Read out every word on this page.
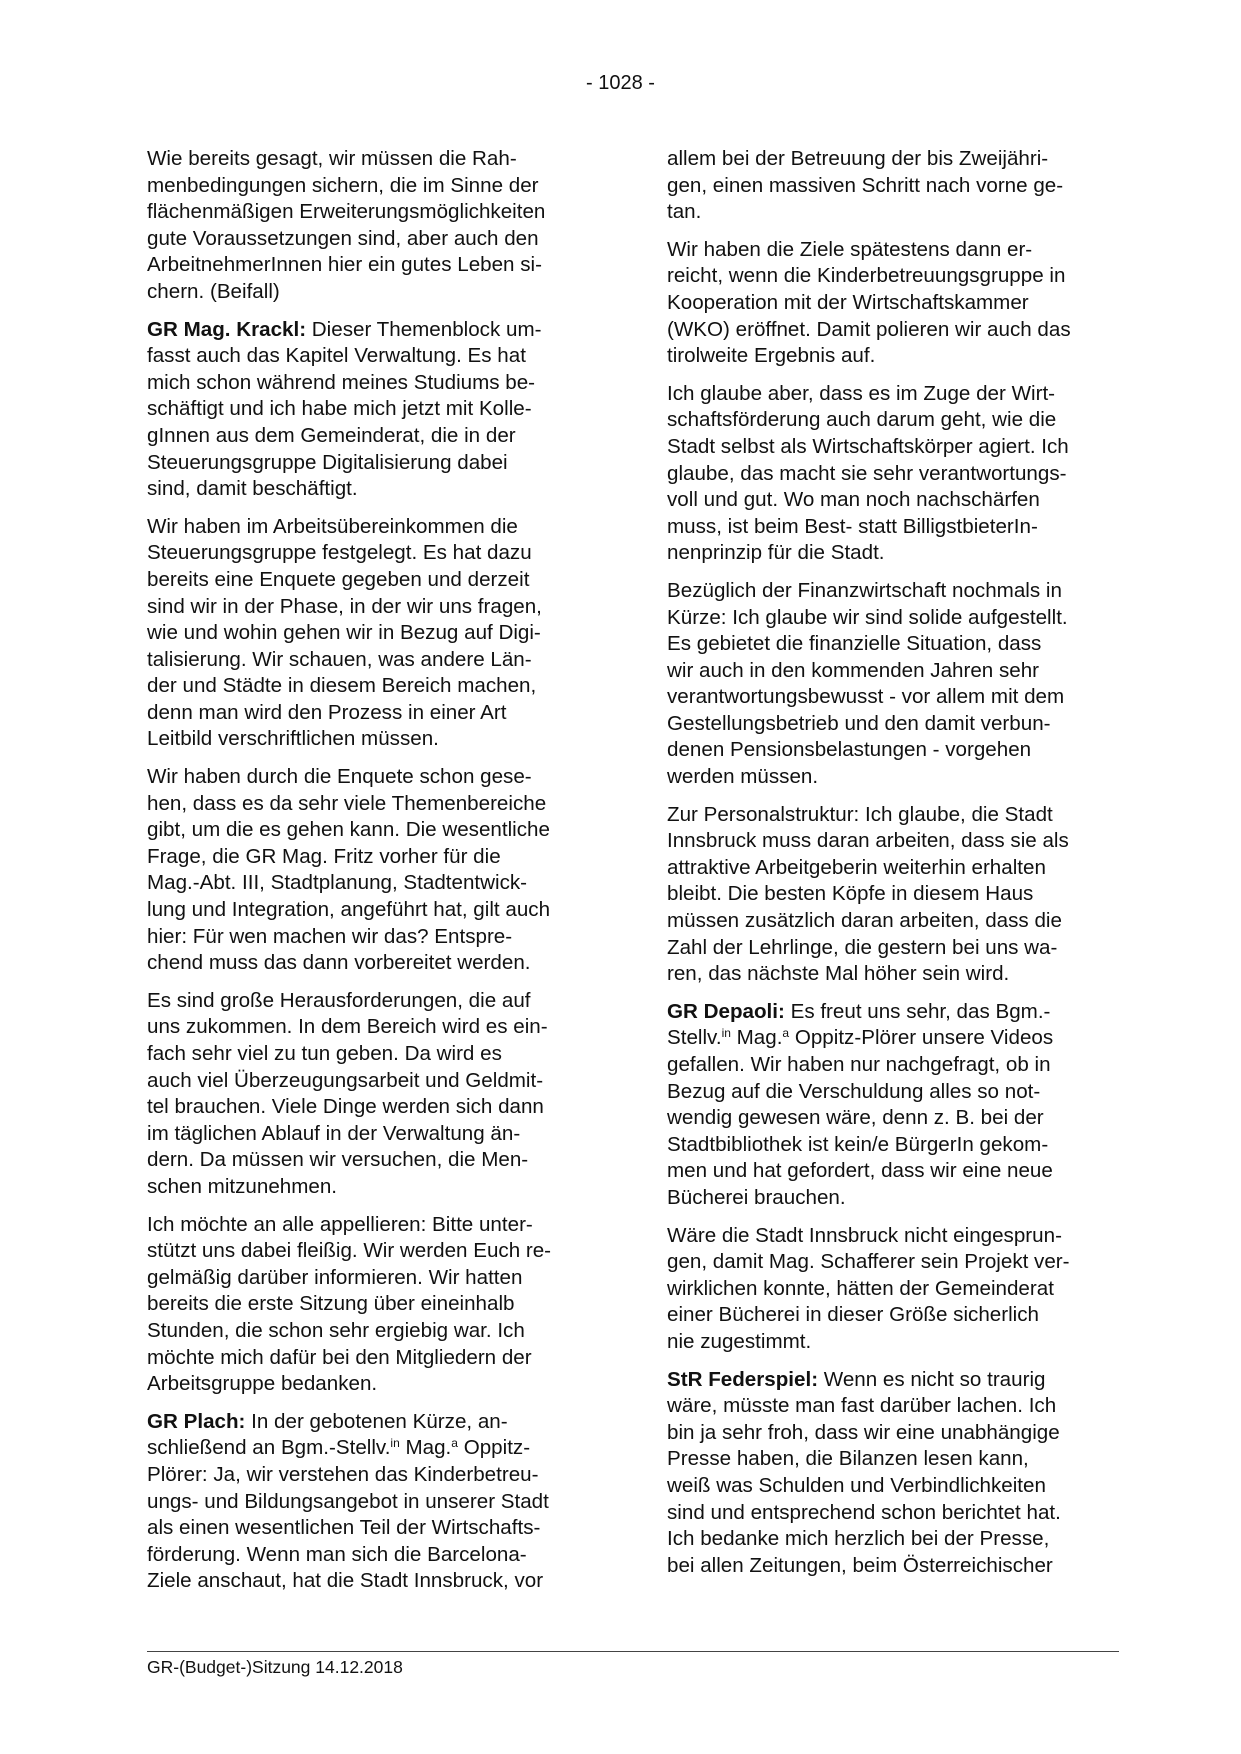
- 1028 -

Wie bereits gesagt, wir müssen die Rah-
menbedingungen sichern, die im Sinne der
flächenmäßigen Erweiterungsmöglichkeiten
gute Voraussetzungen sind, aber auch den
ArbeitnehmerInnen hier ein gutes Leben si-
chern. (Beifall)

GR Mag. Krackl: Dieser Themenblock um-
fasst auch das Kapitel Verwaltung. Es hat
mich schon während meines Studiums be-
schäftigt und ich habe mich jetzt mit Kolle-
gInnen aus dem Gemeinderat, die in der
Steuerungsgruppe Digitalisierung dabei
sind, damit beschäftigt.

Wir haben im Arbeitsübereinkommen die
Steuerungsgruppe festgelegt. Es hat dazu
bereits eine Enquete gegeben und derzeit
sind wir in der Phase, in der wir uns fragen,
wie und wohin gehen wir in Bezug auf Digi-
talisierung. Wir schauen, was andere Län-
der und Städte in diesem Bereich machen,
denn man wird den Prozess in einer Art
Leitbild verschriftlichen müssen.

Wir haben durch die Enquete schon gese-
hen, dass es da sehr viele Themenbereiche
gibt, um die es gehen kann. Die wesentliche
Frage, die GR Mag. Fritz vorher für die
Mag.-Abt. III, Stadtplanung, Stadtentwick-
lung und Integration, angeführt hat, gilt auch
hier: Für wen machen wir das? Entspre-
chend muss das dann vorbereitet werden.

Es sind große Herausforderungen, die auf
uns zukommen. In dem Bereich wird es ein-
fach sehr viel zu tun geben. Da wird es
auch viel Überzeugungsarbeit und Geldmit-
tel brauchen. Viele Dinge werden sich dann
im täglichen Ablauf in der Verwaltung än-
dern. Da müssen wir versuchen, die Men-
schen mitzunehmen.

Ich möchte an alle appellieren: Bitte unter-
stützt uns dabei fleißig. Wir werden Euch re-
gelmäßig darüber informieren. Wir hatten
bereits die erste Sitzung über eineinhalb
Stunden, die schon sehr ergiebig war. Ich
möchte mich dafür bei den Mitgliedern der
Arbeitsgruppe bedanken.

GR Plach: In der gebotenen Kürze, an-
schließend an Bgm.-Stellv.$^{in}$ Mag.$^a$ Oppitz-
Plörer: Ja, wir verstehen das Kinderbetreu-
ungs- und Bildungsangebot in unserer Stadt
als einen wesentlichen Teil der Wirtschafts-
förderung. Wenn man sich die Barcelona-
Ziele anschaut, hat die Stadt Innsbruck, vor

allem bei der Betreuung der bis Zweijähri-
gen, einen massiven Schritt nach vorne ge-
tan.

Wir haben die Ziele spätestens dann er-
reicht, wenn die Kinderbetreuungsgruppe in
Kooperation mit der Wirtschaftskammer
(WKO) eröffnet. Damit polieren wir auch das
tirolweite Ergebnis auf.

Ich glaube aber, dass es im Zuge der Wirt-
schaftsförderung auch darum geht, wie die
Stadt selbst als Wirtschaftskörper agiert. Ich
glaube, das macht sie sehr verantwortungs-
voll und gut. Wo man noch nachschärfen
muss, ist beim Best- statt BilligstbieterIn-
nenprinzip für die Stadt.

Bezüglich der Finanzwirtschaft nochmals in
Kürze: Ich glaube wir sind solide aufgestellt.
Es gebietet die finanzielle Situation, dass
wir auch in den kommenden Jahren sehr
verantwortungsbewusst - vor allem mit dem
Gestellungsbetrieb und den damit verbun-
denen Pensionsbelastungen - vorgehen
werden müssen.

Zur Personalstruktur: Ich glaube, die Stadt
Innsbruck muss daran arbeiten, dass sie als
attraktive Arbeitgeberin weiterhin erhalten
bleibt. Die besten Köpfe in diesem Haus
müssen zusätzlich daran arbeiten, dass die
Zahl der Lehrlinge, die gestern bei uns wa-
ren, das nächste Mal höher sein wird.

GR Depaoli: Es freut uns sehr, das Bgm.-
Stellv.$^{in}$ Mag.$^a$ Oppitz-Plörer unsere Videos
gefallen. Wir haben nur nachgefragt, ob in
Bezug auf die Verschuldung alles so not-
wendig gewesen wäre, denn z. B. bei der
Stadtbibliothek ist kein/e BürgerIn gekom-
men und hat gefordert, dass wir eine neue
Bücherei brauchen.

Wäre die Stadt Innsbruck nicht eingesprun-
gen, damit Mag. Schafferer sein Projekt ver-
wirklichen konnte, hätten der Gemeinderat
einer Bücherei in dieser Größe sicherlich
nie zugestimmt.

StR Federspiel: Wenn es nicht so traurig
wäre, müsste man fast darüber lachen. Ich
bin ja sehr froh, dass wir eine unabhängige
Presse haben, die Bilanzen lesen kann,
weiß was Schulden und Verbindlichkeiten
sind und entsprechend schon berichtet hat.
Ich bedanke mich herzlich bei der Presse,
bei allen Zeitungen, beim Österreichischer

GR-(Budget-)Sitzung 14.12.2018
